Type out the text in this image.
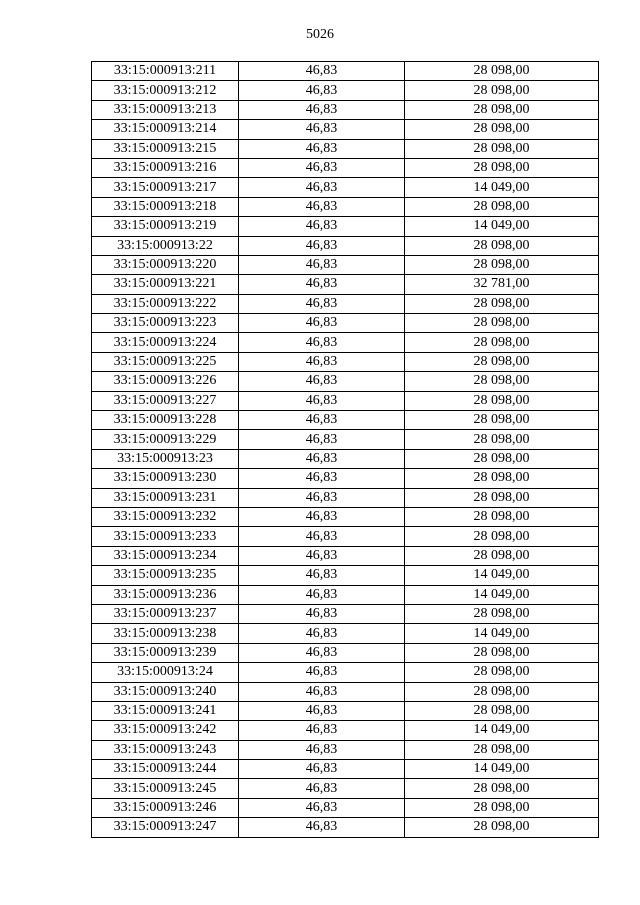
5026
33:15:000913:211	46,83	28 098,00
33:15:000913:212	46,83	28 098,00
33:15:000913:213	46,83	28 098,00
33:15:000913:214	46,83	28 098,00
33:15:000913:215	46,83	28 098,00
33:15:000913:216	46,83	28 098,00
33:15:000913:217	46,83	14 049,00
33:15:000913:218	46,83	28 098,00
33:15:000913:219	46,83	14 049,00
33:15:000913:22	46,83	28 098,00
33:15:000913:220	46,83	28 098,00
33:15:000913:221	46,83	32 781,00
33:15:000913:222	46,83	28 098,00
33:15:000913:223	46,83	28 098,00
33:15:000913:224	46,83	28 098,00
33:15:000913:225	46,83	28 098,00
33:15:000913:226	46,83	28 098,00
33:15:000913:227	46,83	28 098,00
33:15:000913:228	46,83	28 098,00
33:15:000913:229	46,83	28 098,00
33:15:000913:23	46,83	28 098,00
33:15:000913:230	46,83	28 098,00
33:15:000913:231	46,83	28 098,00
33:15:000913:232	46,83	28 098,00
33:15:000913:233	46,83	28 098,00
33:15:000913:234	46,83	28 098,00
33:15:000913:235	46,83	14 049,00
33:15:000913:236	46,83	14 049,00
33:15:000913:237	46,83	28 098,00
33:15:000913:238	46,83	14 049,00
33:15:000913:239	46,83	28 098,00
33:15:000913:24	46,83	28 098,00
33:15:000913:240	46,83	28 098,00
33:15:000913:241	46,83	28 098,00
33:15:000913:242	46,83	14 049,00
33:15:000913:243	46,83	28 098,00
33:15:000913:244	46,83	14 049,00
33:15:000913:245	46,83	28 098,00
33:15:000913:246	46,83	28 098,00
33:15:000913:247	46,83	28 098,00
